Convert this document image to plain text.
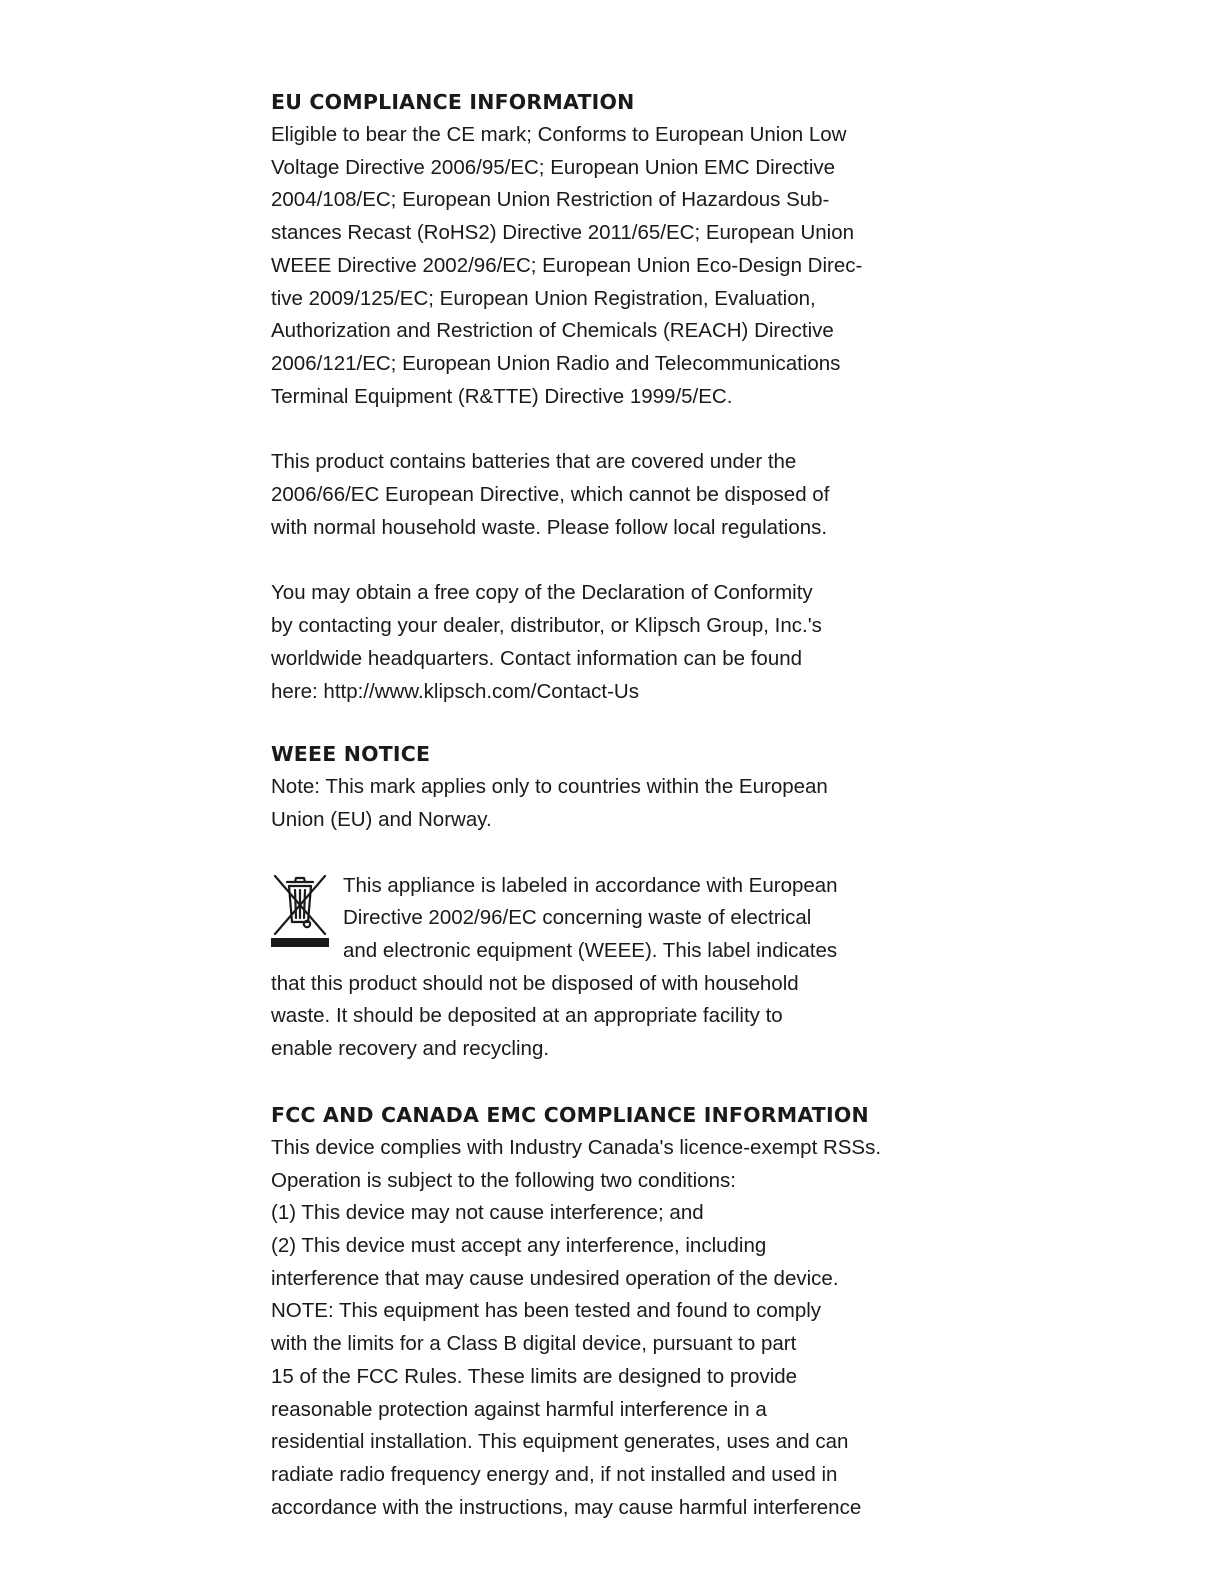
EU COMPLIANCE INFORMATION
Eligible to bear the CE mark; Conforms to European Union Low
Voltage Directive 2006/95/EC; European Union EMC Directive
2004/108/EC; European Union Restriction of Hazardous Sub-
stances Recast (RoHS2) Directive 2011/65/EC; European Union
WEEE Directive 2002/96/EC; European Union Eco-Design Direc-
tive 2009/125/EC; European Union Registration, Evaluation,
Authorization and Restriction of Chemicals (REACH) Directive
2006/121/EC; European Union Radio and Telecommunications
Terminal Equipment (R&TTE) Directive 1999/5/EC.
This product contains batteries that are covered under the
2006/66/EC European Directive, which cannot be disposed of
with normal household waste. Please follow local regulations.
You may obtain a free copy of the Declaration of Conformity
by contacting your dealer, distributor, or Klipsch Group, Inc.'s
worldwide headquarters. Contact information can be found
here: http://www.klipsch.com/Contact-Us
WEEE NOTICE
Note: This mark applies only to countries within the European
Union (EU) and Norway.
This appliance is labeled in accordance with European
Directive 2002/96/EC concerning waste of electrical
and electronic equipment (WEEE). This label indicates
that this product should not be disposed of with household
waste. It should be deposited at an appropriate facility to
enable recovery and recycling.
FCC AND CANADA EMC COMPLIANCE INFORMATION
This device complies with Industry Canada's licence-exempt RSSs.
Operation is subject to the following two conditions:
(1) This device may not cause interference; and
(2) This device must accept any interference, including
interference that may cause undesired operation of the device.
NOTE: This equipment has been tested and found to comply
with the limits for a Class B digital device, pursuant to part
15 of the FCC Rules. These limits are designed to provide
reasonable protection against harmful interference in a
residential installation. This equipment generates, uses and can
radiate radio frequency energy and, if not installed and used in
accordance with the instructions, may cause harmful interference
